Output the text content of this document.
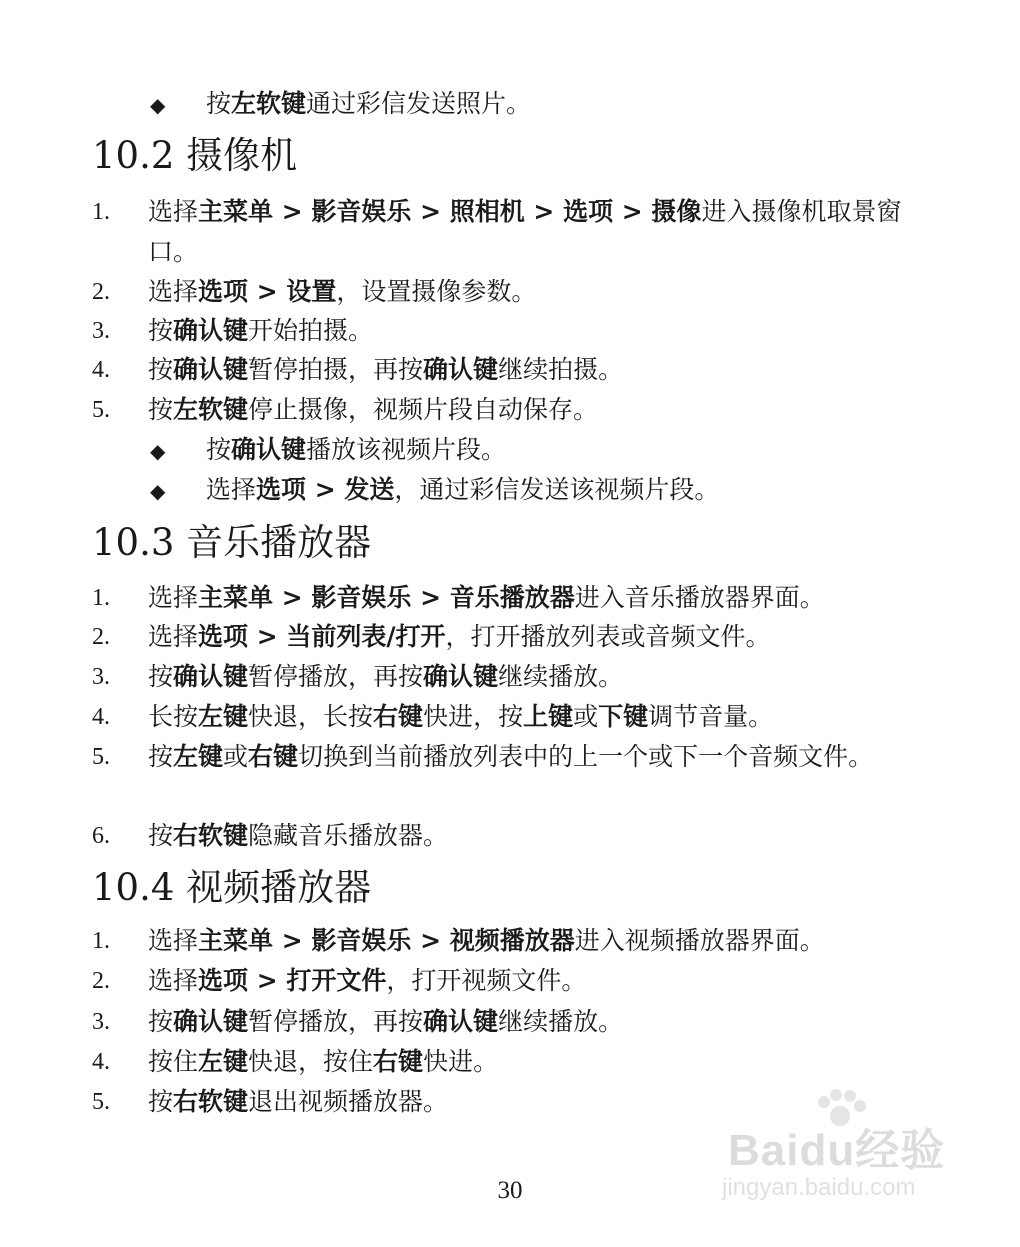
◆ 按左软键通过彩信发送照片。
10.2 摄像机
1.	选择主菜单 > 影音娱乐 > 照相机 > 选项 > 摄像进入摄像机取景窗口。
2.	选择选项 > 设置，设置摄像参数。
3.	按确认键开始拍摄。
4.	按确认键暂停拍摄，再按确认键继续拍摄。
5.	按左软键停止摄像，视频片段自动保存。
◆ 按确认键播放该视频片段。
◆ 选择选项 > 发送，通过彩信发送该视频片段。
10.3 音乐播放器
1.	选择主菜单 > 影音娱乐 > 音乐播放器进入音乐播放器界面。
2.	选择选项 > 当前列表/打开，打开播放列表或音频文件。
3.	按确认键暂停播放，再按确认键继续播放。
4.	长按左键快退，长按右键快进，按上键或下键调节音量。
5.	按左键或右键切换到当前播放列表中的上一个或下一个音频文件。
6.	按右软键隐藏音乐播放器。
10.4 视频播放器
1.	选择主菜单 > 影音娱乐 > 视频播放器进入视频播放器界面。
2.	选择选项 > 打开文件，打开视频文件。
3.	按确认键暂停播放，再按确认键继续播放。
4.	按住左键快退，按住右键快进。
5.	按右软键退出视频播放器。
Baidu经验
jingyan.baidu.com
30
